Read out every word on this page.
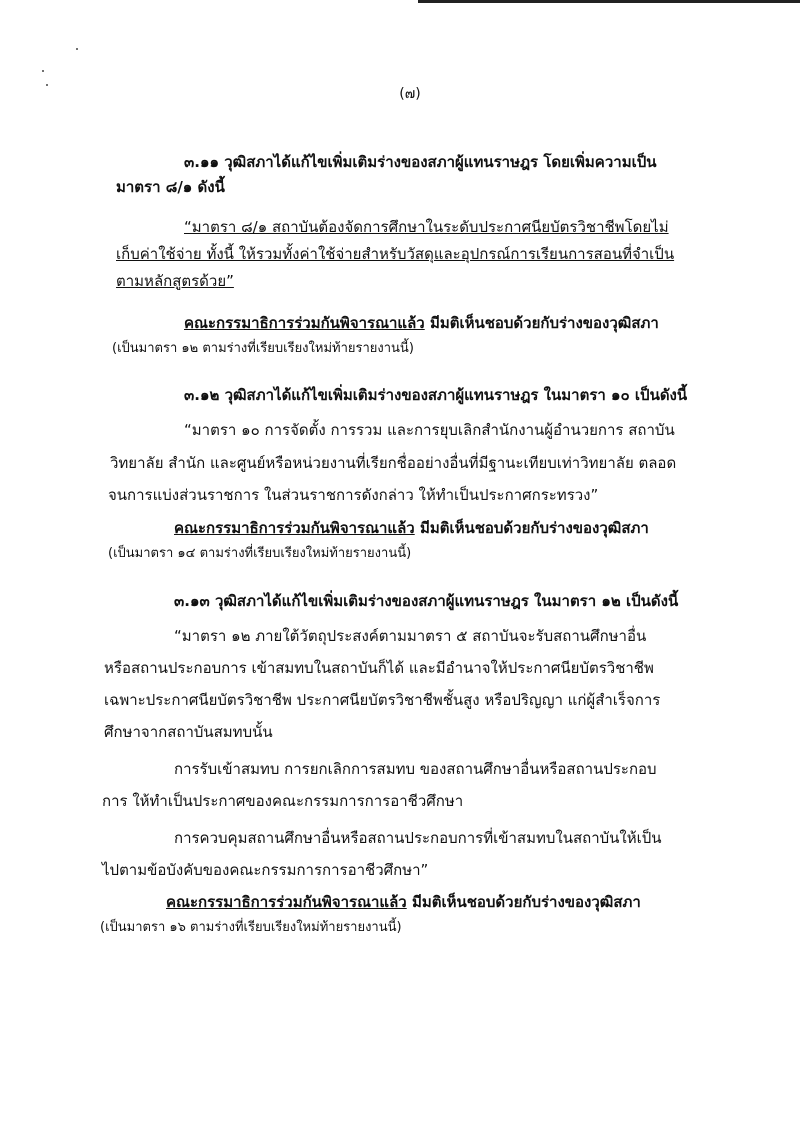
(๗)
๓.๑๑ วุฒิสภาได้แก้ไขเพิ่มเติมร่างของสภาผู้แทนราษฎร โดยเพิ่มความเป็น
มาตรา ๘/๑ ดังนี้
“มาตรา ๘/๑ สถาบันต้องจัดการศึกษาในระดับประกาศนียบัตรวิชาชีพโดยไม่
เก็บค่าใช้จ่าย ทั้งนี้ ให้รวมทั้งค่าใช้จ่ายสำหรับวัสดุและอุปกรณ์การเรียนการสอนที่จำเป็น
ตามหลักสูตรด้วย”
คณะกรรมาธิการร่วมกันพิจารณาแล้ว มีมติเห็นชอบด้วยกับร่างของวุฒิสภา
(เป็นมาตรา ๑๒ ตามร่างที่เรียบเรียงใหม่ท้ายรายงานนี้)
๓.๑๒ วุฒิสภาได้แก้ไขเพิ่มเติมร่างของสภาผู้แทนราษฎร ในมาตรา ๑๐ เป็นดังนี้
“มาตรา ๑๐ การจัดตั้ง การรวม และการยุบเลิกสำนักงานผู้อำนวยการ สถาบัน
วิทยาลัย สำนัก และศูนย์หรือหน่วยงานที่เรียกชื่ออย่างอื่นที่มีฐานะเทียบเท่าวิทยาลัย ตลอด
จนการแบ่งส่วนราชการ ในส่วนราชการดังกล่าว ให้ทำเป็นประกาศกระทรวง”
คณะกรรมาธิการร่วมกันพิจารณาแล้ว มีมติเห็นชอบด้วยกับร่างของวุฒิสภา
(เป็นมาตรา ๑๔ ตามร่างที่เรียบเรียงใหม่ท้ายรายงานนี้)
๓.๑๓ วุฒิสภาได้แก้ไขเพิ่มเติมร่างของสภาผู้แทนราษฎร ในมาตรา ๑๒ เป็นดังนี้
“มาตรา ๑๒ ภายใต้วัตถุประสงค์ตามมาตรา ๕ สถาบันจะรับสถานศึกษาอื่น
หรือสถานประกอบการ เข้าสมทบในสถาบันก็ได้ และมีอำนาจให้ประกาศนียบัตรวิชาชีพ
เฉพาะประกาศนียบัตรวิชาชีพ ประกาศนียบัตรวิชาชีพชั้นสูง หรือปริญญา แก่ผู้สำเร็จการ
ศึกษาจากสถาบันสมทบนั้น
การรับเข้าสมทบ การยกเลิกการสมทบ ของสถานศึกษาอื่นหรือสถานประกอบ
การ ให้ทำเป็นประกาศของคณะกรรมการการอาชีวศึกษา
การควบคุมสถานศึกษาอื่นหรือสถานประกอบการที่เข้าสมทบในสถาบันให้เป็น
ไปตามข้อบังคับของคณะกรรมการการอาชีวศึกษา”
คณะกรรมาธิการร่วมกันพิจารณาแล้ว มีมติเห็นชอบด้วยกับร่างของวุฒิสภา
(เป็นมาตรา ๑๖ ตามร่างที่เรียบเรียงใหม่ท้ายรายงานนี้)
